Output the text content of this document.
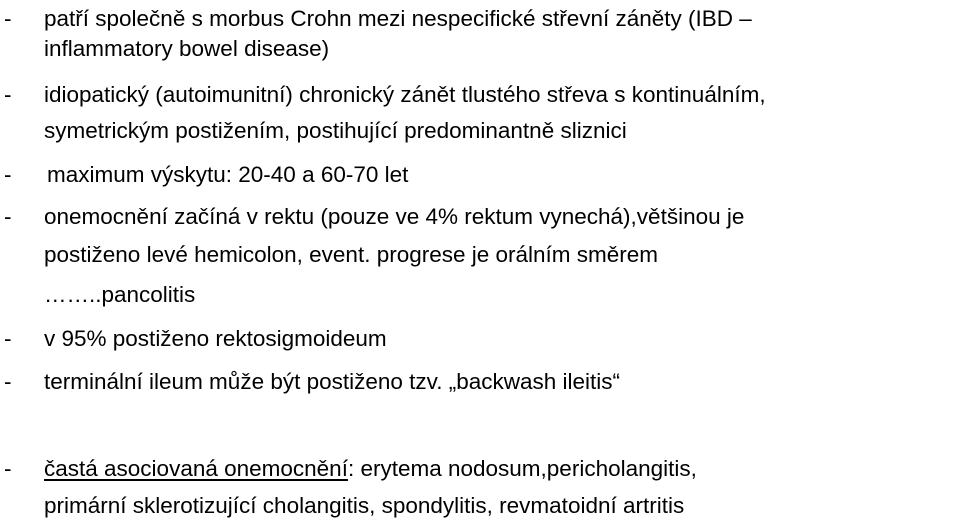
- patří společně s morbus Crohn mezi nespecifické střevní záněty (IBD –
inflammatory bowel disease)
- idiopatický (autoimunitní) chronický zánět tlustého střeva s kontinuálním,
symetrickým postižením, postihující predominantně sliznici
- maximum výskytu: 20-40 a 60-70 let
- onemocnění začíná v rektu (pouze ve 4% rektum vynechá),většinou je
postiženo levé hemicolon, event. progrese je orálním směrem
……..pancolitis
- v 95% postiženo rektosigmoideum
- terminální ileum může být postiženo tzv. „backwash ileitis“
- častá asociovaná onemocnění: erytema nodosum,pericholangitis,
primární sklerotizující cholangitis, spondylitis, revmatoidní artritis
